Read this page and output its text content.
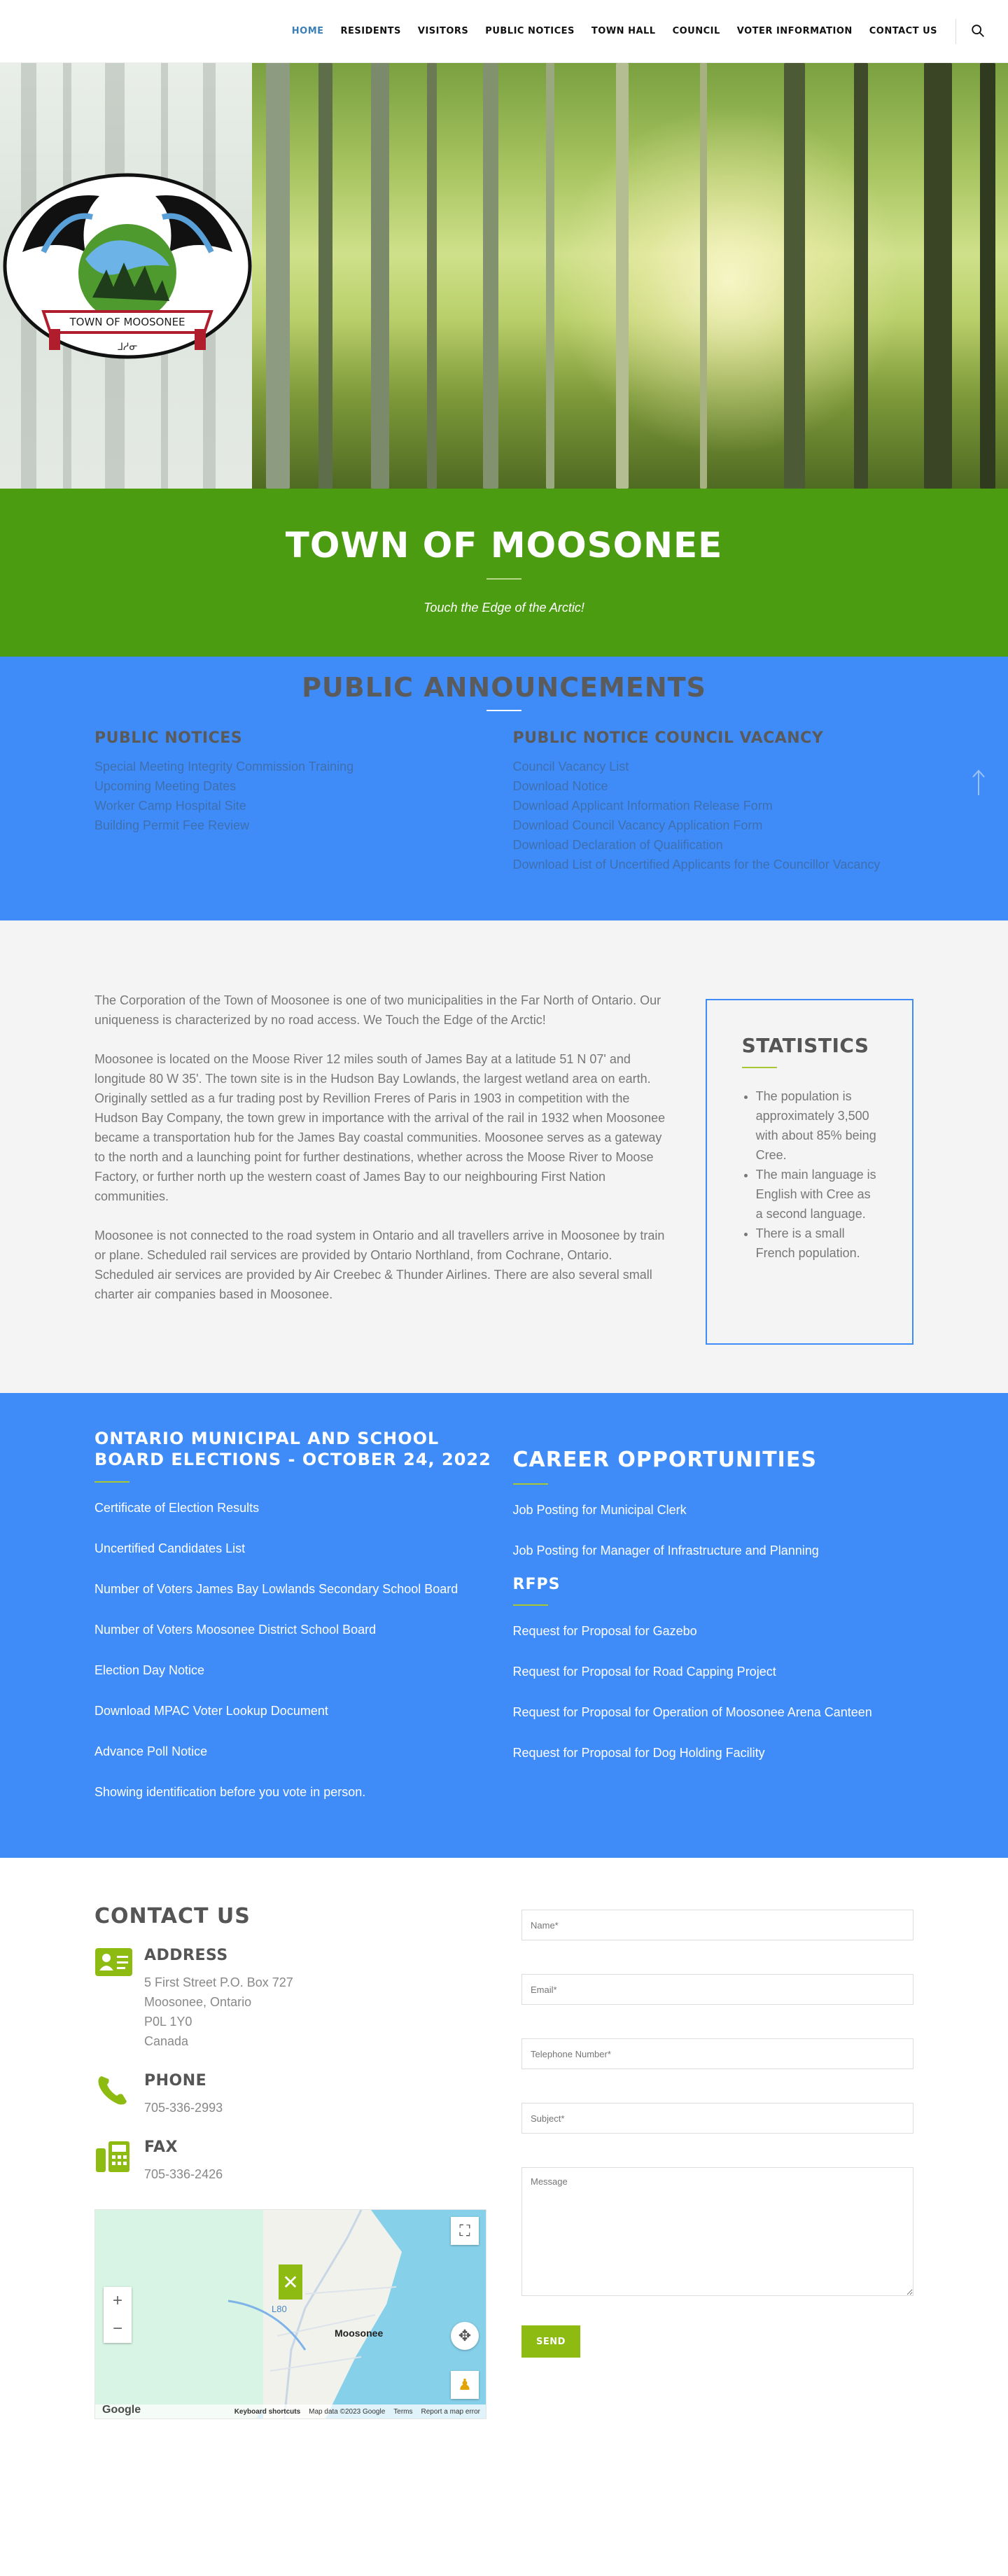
HOME	RESIDENTS	VISITORS	PUBLIC NOTICES	TOWN HALL	COUNCIL	VOTER INFORMATION	CONTACT US
TOWN OF MOOSONEE
ᒧᓱᓂ
TOWN OF MOOSONEE

Touch the Edge of the Arctic!

PUBLIC ANNOUNCEMENTS
PUBLIC NOTICES
Special Meeting Integrity Commission Training
Upcoming Meeting Dates
Worker Camp Hospital Site
Building Permit Fee Review
PUBLIC NOTICE COUNCIL VACANCY
Council Vacancy List
Download Notice
Download Applicant Information Release Form
Download Council Vacancy Application Form
Download Declaration of Qualification
Download List of Uncertified Applicants for the Councillor Vacancy

The Corporation of the Town of Moosonee is one of two municipalities in the Far North of Ontario. Our uniqueness is characterized by no road access. We Touch the Edge of the Arctic!

Moosonee is located on the Moose River 12 miles south of James Bay at a latitude 51 N 07' and longitude 80 W 35'. The town site is in the Hudson Bay Lowlands, the largest wetland area on earth. Originally settled as a fur trading post by Revillion Freres of Paris in 1903 in competition with the Hudson Bay Company, the town grew in importance with the arrival of the rail in 1932 when Moosonee became a transportation hub for the James Bay coastal communities. Moosonee serves as a gateway to the north and a launching point for further destinations, whether across the Moose River to Moose Factory, or further north up the western coast of James Bay to our neighbouring First Nation communities.

Moosonee is not connected to the road system in Ontario and all travellers arrive in Moosonee by train or plane. Scheduled rail services are provided by Ontario Northland, from Cochrane, Ontario. Scheduled air services are provided by Air Creebec & Thunder Airlines. There are also several small charter air companies based in Moosonee.

STATISTICS
• The population is approximately 3,500 with about 85% being Cree.
• The main language is English with Cree as a second language.
• There is a small French population.
ONTARIO MUNICIPAL AND SCHOOL BOARD ELECTIONS - OCTOBER 24, 2022
Certificate of Election Results
Uncertified Candidates List
Number of Voters James Bay Lowlands Secondary School Board
Number of Voters Moosonee District School Board
Election Day Notice
Download MPAC Voter Lookup Document
Advance Poll Notice
Showing identification before you vote in person.
CAREER OPPORTUNITIES
Job Posting for Municipal Clerk
Job Posting for Manager of Infrastructure and Planning
RFPS
Request for Proposal for Gazebo
Request for Proposal for Road Capping Project
Request for Proposal for Operation of Moosonee Arena Canteen
Request for Proposal for Dog Holding Facility
CONTACT US
ADDRESS
5 First Street P.O. Box 727
Moosonee, Ontario
P0L 1Y0
Canada
PHONE
705-336-2993
FAX
705-336-2426
✕
L80
Moosonee
⛶
+
−	✥
♟
Keyboard shortcuts Map data ©2023 Google Terms Report a map error
Google
Name*
Email*
Telephone Number*
Subject*
Message SEND
